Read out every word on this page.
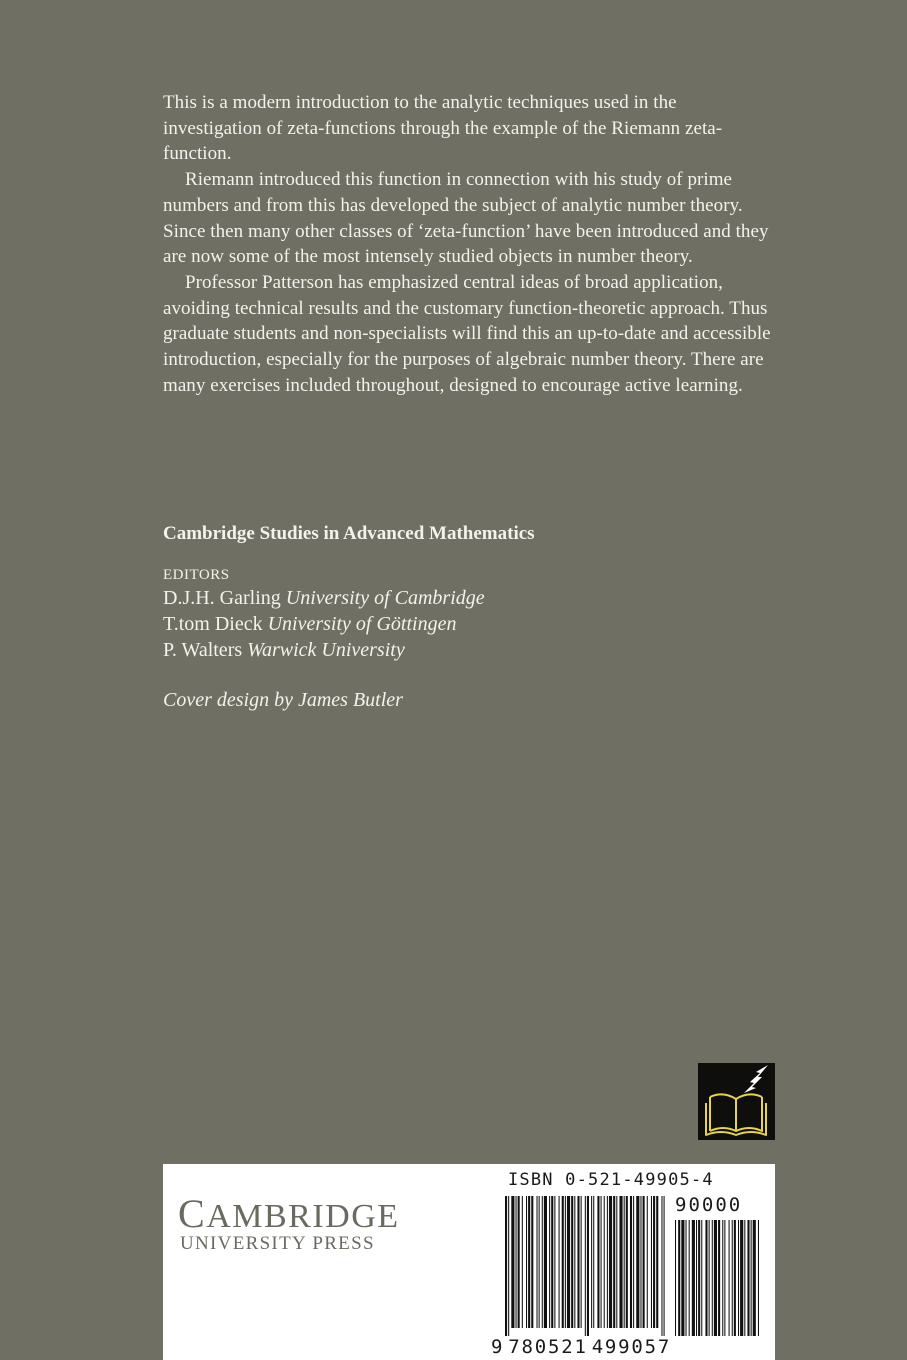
This is a modern introduction to the analytic techniques used in the investigation of zeta-functions through the example of the Riemann zeta-function.

Riemann introduced this function in connection with his study of prime numbers and from this has developed the subject of analytic number theory. Since then many other classes of ‘zeta-function’ have been introduced and they are now some of the most intensely studied objects in number theory.

Professor Patterson has emphasized central ideas of broad application, avoiding technical results and the customary function-theoretic approach. Thus graduate students and non-specialists will find this an up-to-date and accessible introduction, especially for the purposes of algebraic number theory. There are many exercises included throughout, designed to encourage active learning.

Cambridge Studies in Advanced Mathematics
EDITORS
D.J.H. Garling University of Cambridge
T.tom Dieck University of Göttingen
P. Walters Warwick University
Cover design by James Butler
CAMBRIDGE
UNIVERSITY PRESS
ISBN 0-521-49905-4
90000
9 780521 499057
